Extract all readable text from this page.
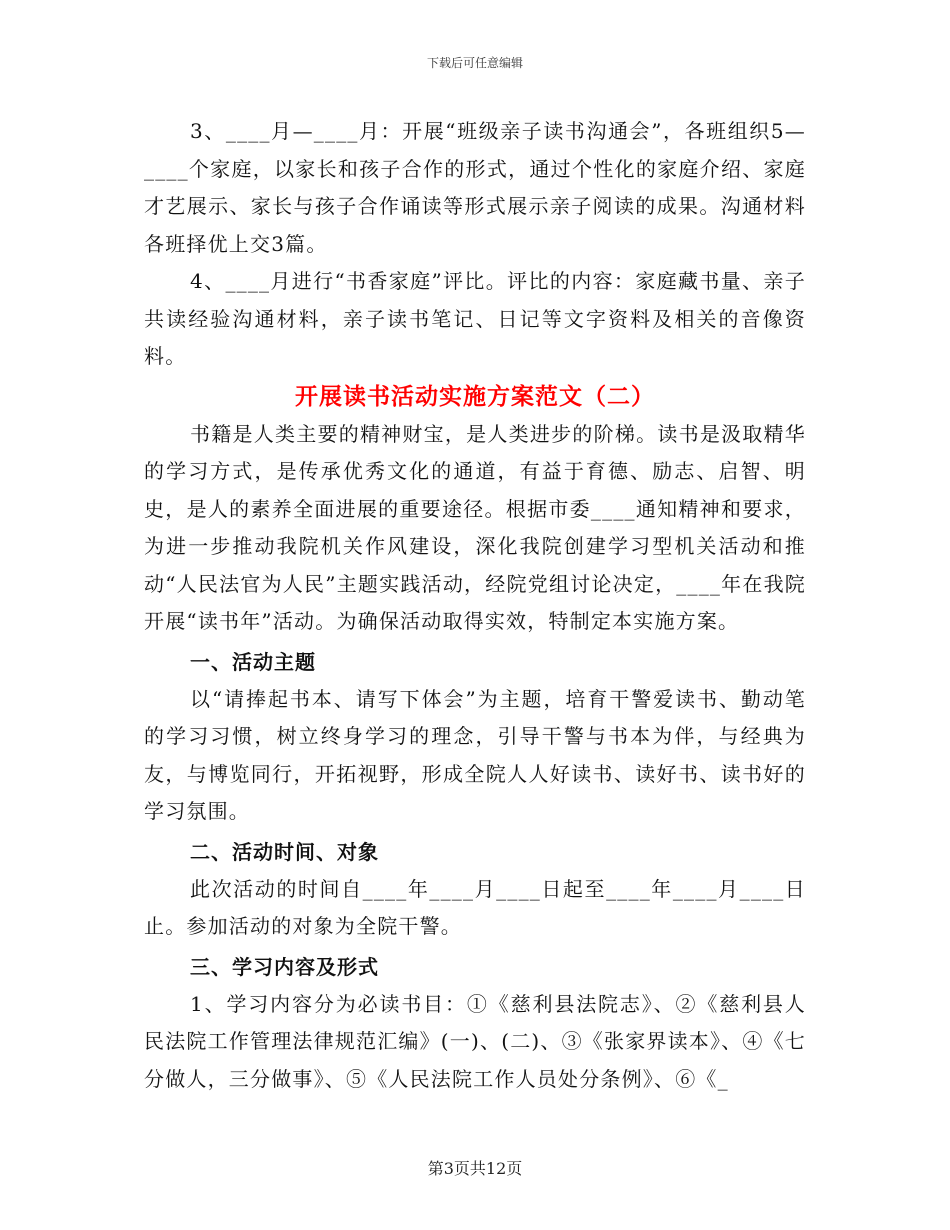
下载后可任意编辑

3、____月—____月：开展“班级亲子读书沟通会”，各班组织5—____个家庭，以家长和孩子合作的形式，通过个性化的家庭介绍、家庭才艺展示、家长与孩子合作诵读等形式展示亲子阅读的成果。沟通材料各班择优上交3篇。

4、____月进行“书香家庭”评比。评比的内容：家庭藏书量、亲子共读经验沟通材料，亲子读书笔记、日记等文字资料及相关的音像资料。

开展读书活动实施方案范文（二）

书籍是人类主要的精神财宝，是人类进步的阶梯。读书是汲取精华的学习方式，是传承优秀文化的通道，有益于育德、励志、启智、明史，是人的素养全面进展的重要途径。根据市委____通知精神和要求，为进一步推动我院机关作风建设，深化我院创建学习型机关活动和推动“人民法官为人民”主题实践活动，经院党组讨论决定，____年在我院开展“读书年”活动。为确保活动取得实效，特制定本实施方案。

一、活动主题

以“请捧起书本、请写下体会”为主题，培育干警爱读书、勤动笔的学习习惯，树立终身学习的理念，引导干警与书本为伴，与经典为友，与博览同行，开拓视野，形成全院人人好读书、读好书、读书好的学习氛围。

二、活动时间、对象

此次活动的时间自____年____月____日起至____年____月____日止。参加活动的对象为全院干警。

三、学习内容及形式

1、学习内容分为必读书目：①《慈利县法院志》、②《慈利县人民法院工作管理法律规范汇编》(一)、(二)、③《张家界读本》、④《七分做人，三分做事》、⑤《人民法院工作人员处分条例》、⑥《_

第3页共12页
